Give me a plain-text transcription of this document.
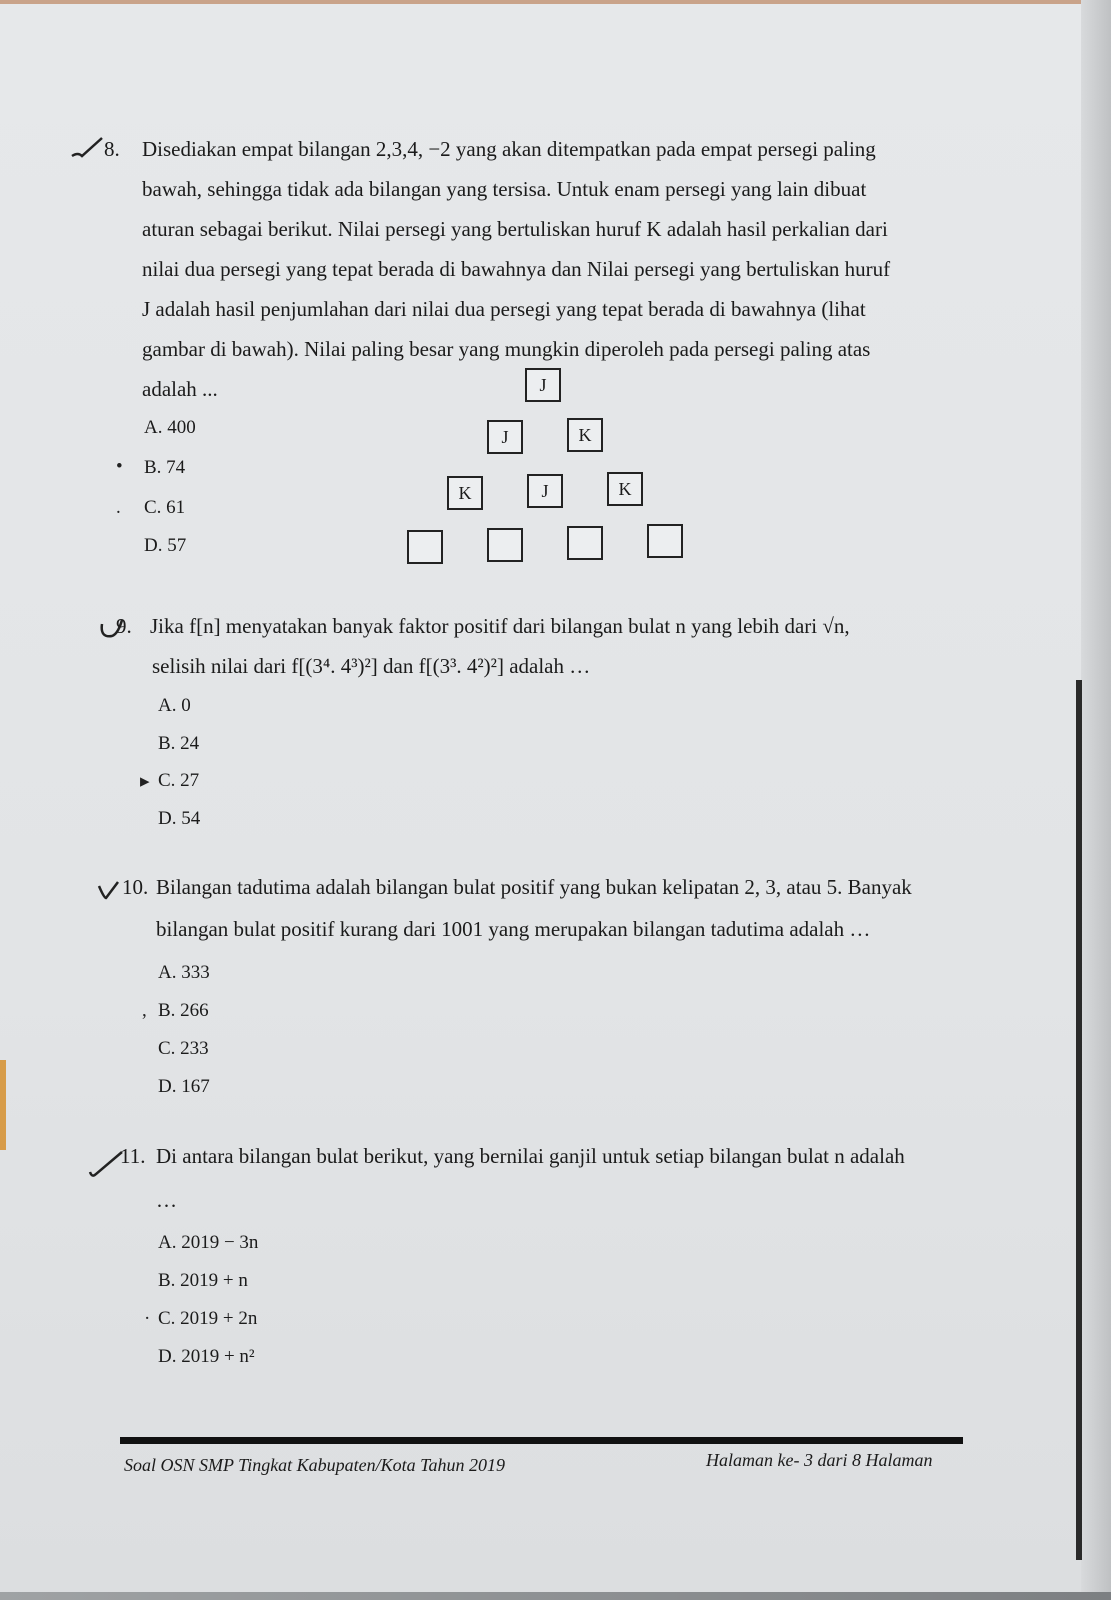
8. Disediakan empat bilangan 2,3,4, −2 yang akan ditempatkan pada empat persegi paling
bawah, sehingga tidak ada bilangan yang tersisa. Untuk enam persegi yang lain dibuat
aturan sebagai berikut. Nilai persegi yang bertuliskan huruf K adalah hasil perkalian dari
nilai dua persegi yang tepat berada di bawahnya dan Nilai persegi yang bertuliskan huruf
J adalah hasil penjumlahan dari nilai dua persegi yang tepat berada di bawahnya (lihat
gambar di bawah). Nilai paling besar yang mungkin diperoleh pada persegi paling atas
adalah ...
A. 400
B. 74
C. 61
D. 57
•
.
J
J	K
K	J	K
9. Jika f[n] menyatakan banyak faktor positif dari bilangan bulat n yang lebih dari √n,
selisih nilai dari f[(3⁴. 4³)²] dan f[(3³. 4²)²] adalah …
A. 0
B. 24
C. 27
D. 54
▸
10. Bilangan tadutima adalah bilangan bulat positif yang bukan kelipatan 2, 3, atau 5. Banyak
bilangan bulat positif kurang dari 1001 yang merupakan bilangan tadutima adalah …
A. 333
B. 266
C. 233
D. 167
,
11. Di antara bilangan bulat berikut, yang bernilai ganjil untuk setiap bilangan bulat n adalah
…
A. 2019 − 3n
B. 2019 + n
C. 2019 + 2n
D. 2019 + n²
·
Soal OSN SMP Tingkat Kabupaten/Kota Tahun 2019	Halaman ke- 3 dari 8 Halaman
